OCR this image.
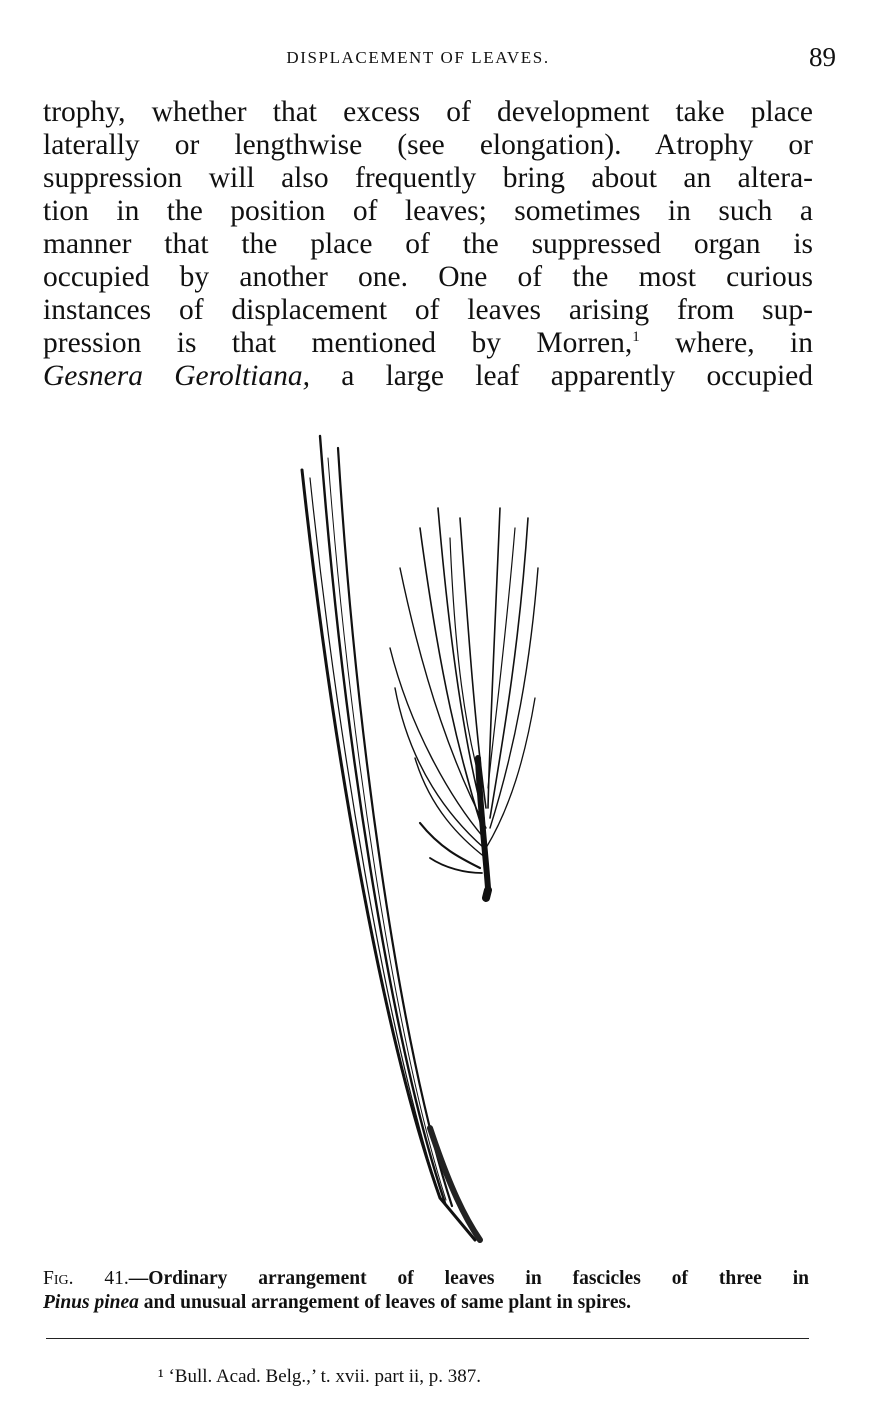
DISPLACEMENT OF LEAVES.	89
trophy, whether that excess of development take place
laterally or lengthwise (see elongation). Atrophy or
suppression will also frequently bring about an altera-
tion in the position of leaves; sometimes in such a
manner that the place of the suppressed organ is
occupied by another one. One of the most curious
instances of displacement of leaves arising from sup-
pression is that mentioned by Morren,$^1$ where, in
Gesnera Geroltiana, a large leaf apparently occupied
Fig. 41.—Ordinary arrangement of leaves in fascicles of three in
Pinus pinea and unusual arrangement of leaves of same plant in spires.
¹ ‘Bull. Acad. Belg.,’ t. xvii. part ii, p. 387.
